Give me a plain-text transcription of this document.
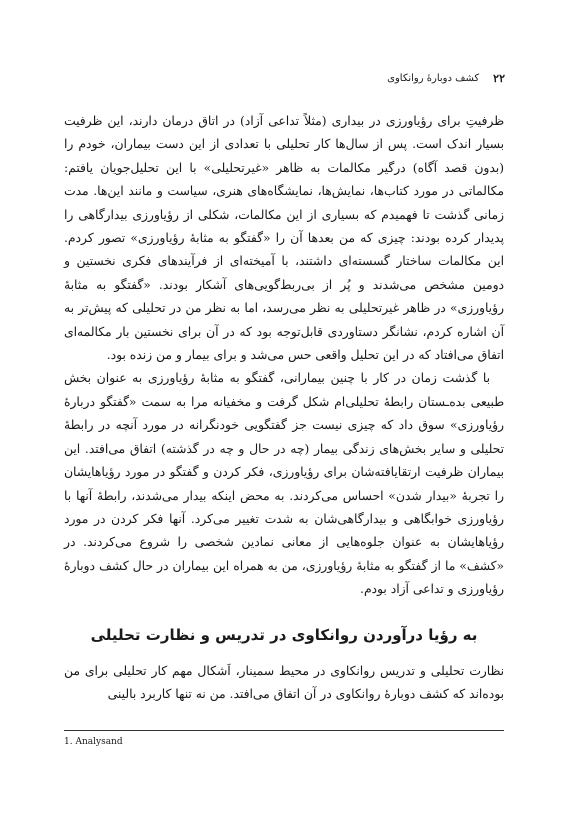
کشف دوبارهٔ روانکاوی ۲۲

ظرفیتِ برای رؤیاورزی در بیداری (مثلاً تداعی آزاد) در اتاق درمان دارند، این ظرفیت بسیار اندک است. پس از سال‌ها کار تحلیلی با تعدادی از این دست بیماران، خودم را (بدون قصد آگاه) درگیر مکالمات به ظاهر «غیرتحلیلی» با این تحلیل‌جویان یافتم: مکالماتی در مورد کتاب‌ها، نمایش‌ها، نمایشگاه‌های هنری، سیاست و مانند این‌ها. مدت زمانی گذشت تا فهمیدم که بسیاری از این مکالمات، شکلی از رؤیاورزی بیدارگاهی را پدیدار کرده بودند: چیزی که من بعدها آن را «گفتگو به مثابهٔ رؤیاورزی» تصور کردم. این مکالمات ساختار گسسته‌ای داشتند، با آمیخته‌ای از فرآیندهای فکری نخستین و دومین مشخص می‌شدند و پُر از بی‌ربط‌گویی‌های آشکار بودند. «گفتگو به مثابهٔ رؤیاورزی» در ظاهر غیرتحلیلی به نظر می‌رسد، اما به نظر من در تحلیلی که پیش‌تر به آن اشاره کردم، نشانگر دستاوردی قابل‌توجه بود که در آن برای نخستین بار مکالمه‌ای اتفاق می‌افتاد که در این تحلیل واقعی حس می‌شد و برای بیمار و من زنده بود.

با گذشت زمان در کار با چنین بیمارانی، گفتگو به مثابهٔ رؤیاورزی به عنوان بخش طبیعی بده‌ـستان رابطهٔ تحلیلی‌ام شکل گرفت و مخفیانه مرا به سمت «گفتگو دربارهٔ رؤیاورزی» سوق داد که چیزی نیست جز گفتگویی خودنگرانه در مورد آنچه در رابطهٔ تحلیلی و سایر بخش‌های زندگی بیمار (چه در حال و چه در گذشته) اتفاق می‌افتد. این بیماران ظرفیت ارتقایافته‌شان برای رؤیاورزی، فکر کردن و گفتگو در مورد رؤیاهایشان را تجربهٔ «بیدار شدن» احساس می‌کردند. به محض اینکه بیدار می‌شدند، رابطهٔ آنها با رؤیاورزی خوابگاهی و بیدارگاهی‌شان به شدت تغییر می‌کرد. آنها فکر کردن در مورد رؤیاهایشان به عنوان جلوه‌هایی از معانی نمادین شخصی را شروع می‌کردند. در «کشف» ما از گفتگو به مثابهٔ رؤیاورزی، من به همراه این بیماران در حال کشف دوبارهٔ رؤیاورزی و تداعی آزاد بودم.

به رؤیا درآوردن روانکاوی در تدریس و نظارت تحلیلی

نظارت تحلیلی و تدریس روانکاوی در محیط سمینار، اَشکال مهم کار تحلیلی برای من بوده‌اند که کشف دوبارهٔ روانکاوی در آن اتفاق می‌افتد. من نه تنها کاربرد بالینی

1. Analysand
